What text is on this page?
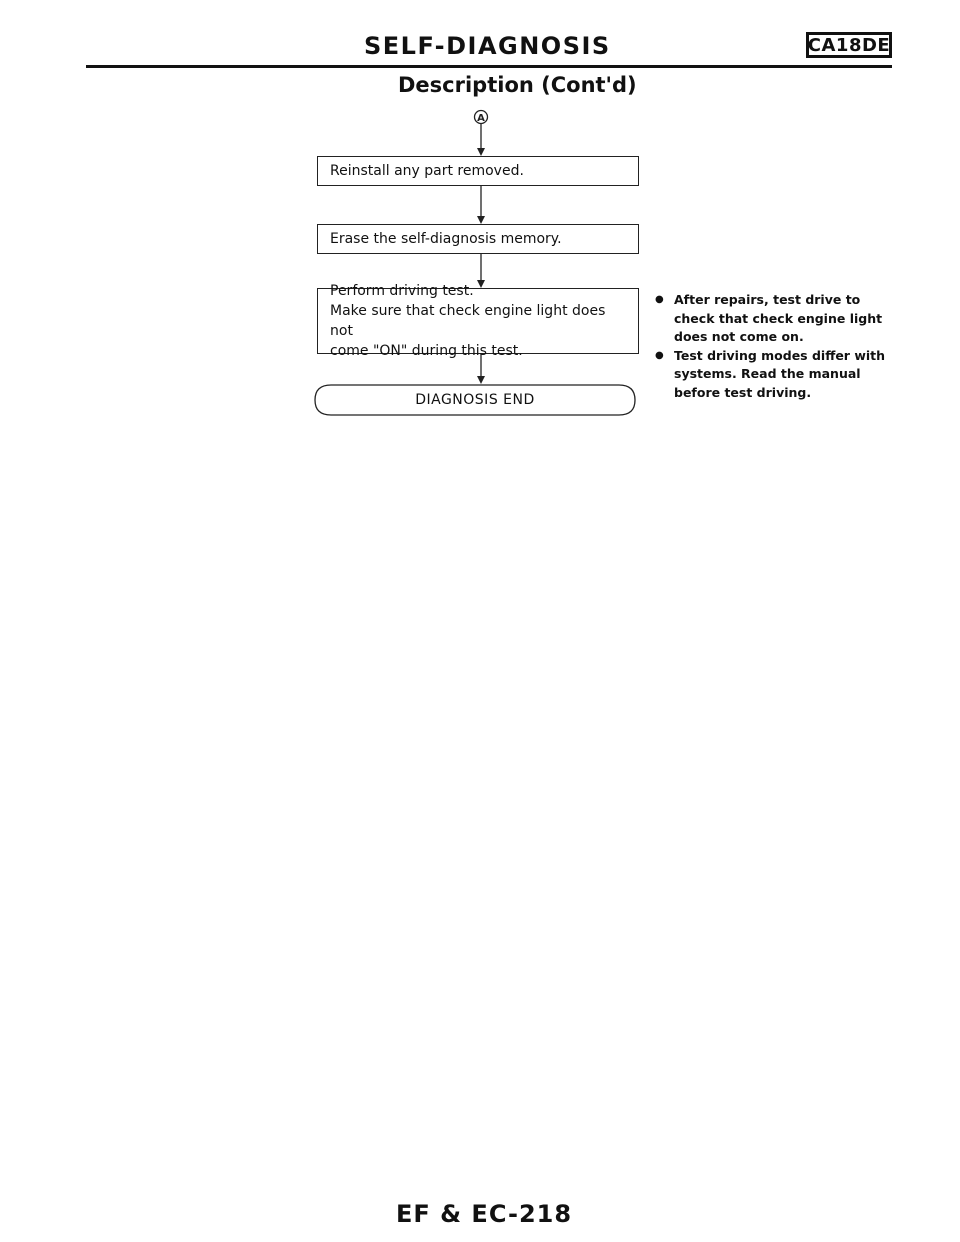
SELF-DIAGNOSIS	CA18DE
Description (Cont'd)
A
Reinstall any part removed.
Erase the self-diagnosis memory.
Perform driving test.
Make sure that check engine light does not
come "ON" during this test.
DIAGNOSIS END
● After repairs, test drive to check that check engine light does not come on.
● Test driving modes differ with systems. Read the manual before test driving.
EF & EC-218
